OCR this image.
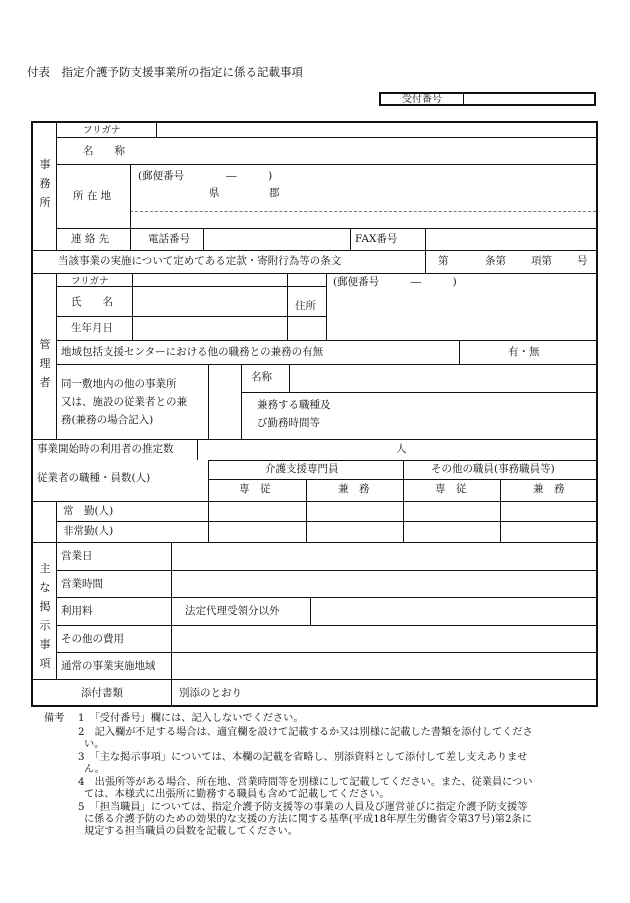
付表　指定介護予防支援事業所の指定に係る記載事項
受付番号
事務所
フリガナ
名　　称
所 在 地
(郵便番号　　　　―　　　)
県	郡
連 絡 先	電話番号	FAX番号
当該事業の実施について定めてある定款・寄附行為等の条文	第	条第 項第 号
管理者
フリガナ
氏　　名
生年月日
住所
(郵便番号　　　―　　　)
地域包括支援センターにおける他の職務との兼務の有無	有・無
同一敷地内の他の事業所
又は、施設の従業者との兼
務(兼務の場合記入)
名称
兼務する職種及
び勤務時間等
事業開始時の利用者の推定数	人
従業者の職種・員数(人)
介護支援専門員	その他の職員(事務職員等)
専　従	兼　務	専　従	兼　務
常　勤(人)
非常勤(人)
主な掲示事項
営業日
営業時間
利用料	法定代理受領分以外
その他の費用
通常の事業実施地域
添付書類	別添のとおり
備考 1　「受付番号」欄には、記入しないでください。
2　記入欄が不足する場合は、適宜欄を設けて記載するか又は別様に記載した書類を添付してくださ
い。
3　「主な掲示事項」については、本欄の記載を省略し、別添資料として添付して差し支えありませ
ん。
4　出張所等がある場合、所在地、営業時間等を別様にして記載してください。また、従業員につい
ては、本様式に出張所に勤務する職員も含めて記載してください。
5　「担当職員」については、指定介護予防支援等の事業の人員及び運営並びに指定介護予防支援等
に係る介護予防のための効果的な支援の方法に関する基準(平成18年厚生労働省令第37号)第2条に
規定する担当職員の員数を記載してください。
